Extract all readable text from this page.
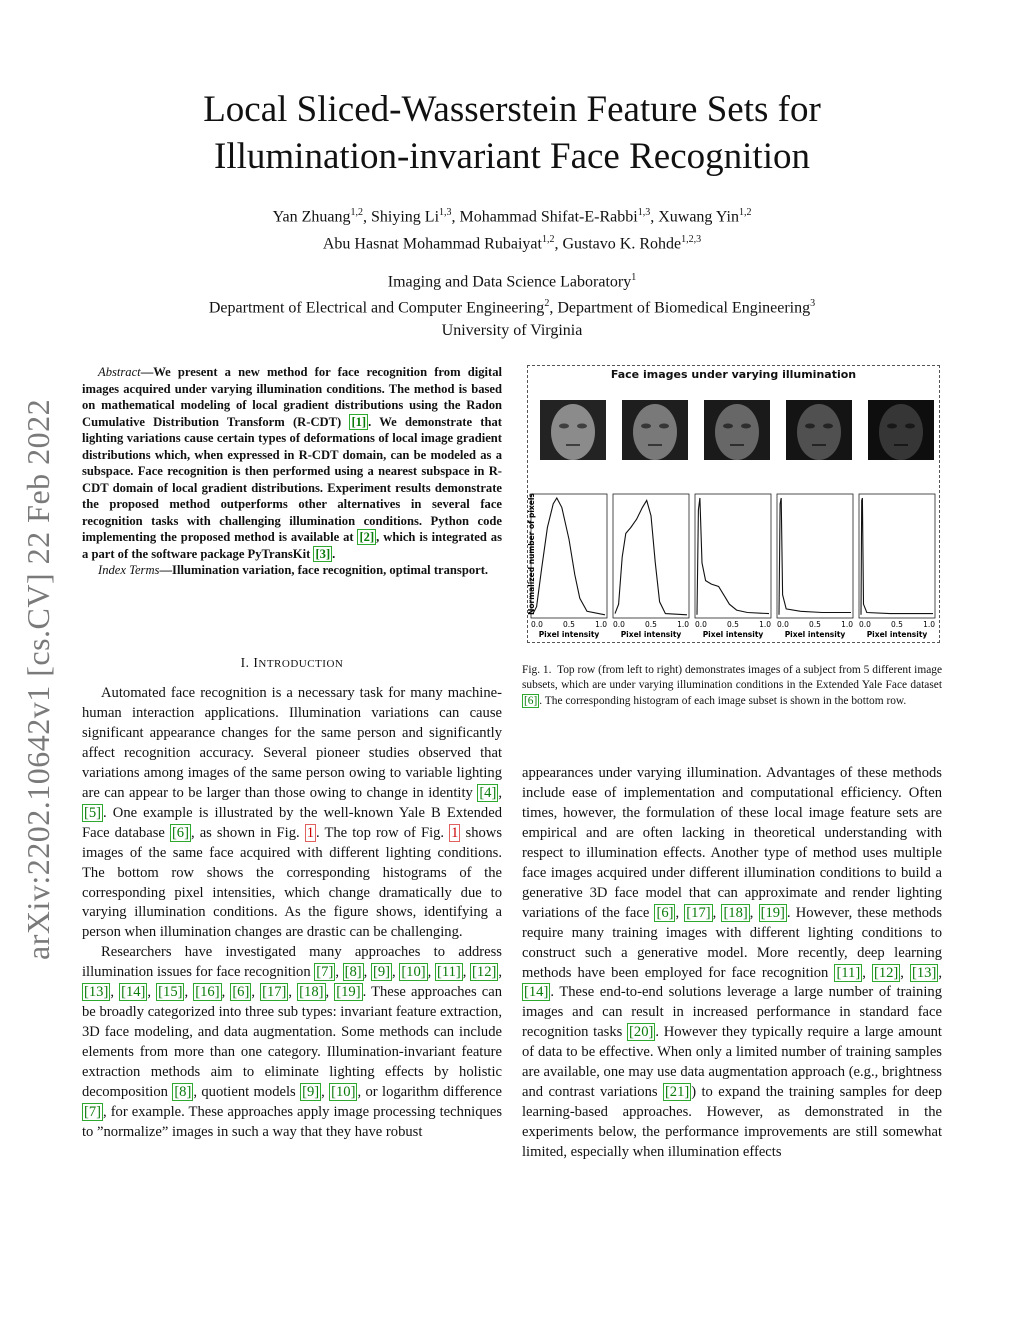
Local Sliced-Wasserstein Feature Sets for
Illumination-invariant Face Recognition
Yan Zhuang$^{1,2}$, Shiying Li$^{1,3}$, Mohammad Shifat-E-Rabbi$^{1,3}$, Xuwang Yin$^{1,2}$
Abu Hasnat Mohammad Rubaiyat$^{1,2}$, Gustavo K. Rohde$^{1,2,3}$
Imaging and Data Science Laboratory$^1$
Department of Electrical and Computer Engineering$^2$, Department of Biomedical Engineering$^3$
University of Virginia
arXiv:2202.10642v1 [cs.CV] 22 Feb 2022

Abstract—We present a new method for face recognition from digital images acquired under varying illumination conditions. The method is based on mathematical modeling of local gradient distributions using the Radon Cumulative Distribution Transform (R-CDT) [1] . We demonstrate that lighting variations cause certain types of deformations of local image gradient distributions which, when expressed in R-CDT domain, can be modeled as a subspace. Face recognition is then performed using a nearest subspace in R-CDT domain of local gradient distributions. Experiment results demonstrate the proposed method outperforms other alternatives in several face recognition tasks with challenging illumination conditions. Python code implementing the proposed method is available at [2] , which is integrated as a part of the software package PyTransKit [3] .

Index Terms—Illumination variation, face recognition, optimal transport.

I. INTRODUCTION

Automated face recognition is a necessary task for many machine-human interaction applications. Illumination variations can cause significant appearance changes for the same person and significantly affect recognition accuracy. Several pioneer studies observed that variations among images of the same person owing to variable lighting are can appear to be larger than those owing to change in identity [4] , [5] . One example is illustrated by the well-known Yale B Extended Face database [6] , as shown in Fig. 1 . The top row of Fig. 1 shows images of the same face acquired with different lighting conditions. The bottom row shows the corresponding histograms of the corresponding pixel intensities, which change dramatically due to varying illumination conditions. As the figure shows, identifying a person when illumination changes are drastic can be challenging.

Researchers have investigated many approaches to address illumination issues for face recognition [7] , [8] , [9] , [10] , [11] , [12] , [13] , [14] , [15] , [16] , [6] , [17] , [18] , [19] . These approaches can be broadly categorized into three sub types: invariant feature extraction, 3D face modeling, and data augmentation. Some methods can include elements from more than one category. Illumination-invariant feature extraction methods aim to eliminate lighting effects by holistic decomposition [8] , quotient models [9] , [10] , or logarithm difference [7] , for example. These approaches apply image processing techniques to ”normalize” images in such a way that they have robust

Face images under varying illumination
0.0	0.5	1.0
Pixel intensity
0.0	0.5	1.0
Pixel intensity
0.0	0.5	1.0
Pixel intensity
0.0	0.5	1.0
Pixel intensity
0.0	0.5	1.0
Pixel intensity
Normalized number of pixels
Fig. 1. Top row (from left to right) demonstrates images of a subject from 5 different image subsets, which are under varying illumination conditions in the Extended Yale Face dataset [6] . The corresponding histogram of each image subset is shown in the bottom row.

appearances under varying illumination. Advantages of these methods include ease of implementation and computational efficiency. Often times, however, the formulation of these local image feature sets are empirical and are often lacking in theoretical understanding with respect to illumination effects. Another type of method uses multiple face images acquired under different illumination conditions to build a generative 3D face model that can approximate and render lighting variations of the face [6] , [17] , [18] , [19] . However, these methods require many training images with different lighting conditions to construct such a generative model. More recently, deep learning methods have been employed for face recognition [11] , [12] , [13] , [14] . These end-to-end solutions leverage a large number of training images and can result in increased performance in standard face recognition tasks [20] . However they typically require a large amount of data to be effective. When only a limited number of training samples are available, one may use data augmentation approach (e.g., brightness and contrast variations [21] ) to expand the training samples for deep learning-based approaches. However, as demonstrated in the experiments below, the performance improvements are still somewhat limited, especially when illumination effects
